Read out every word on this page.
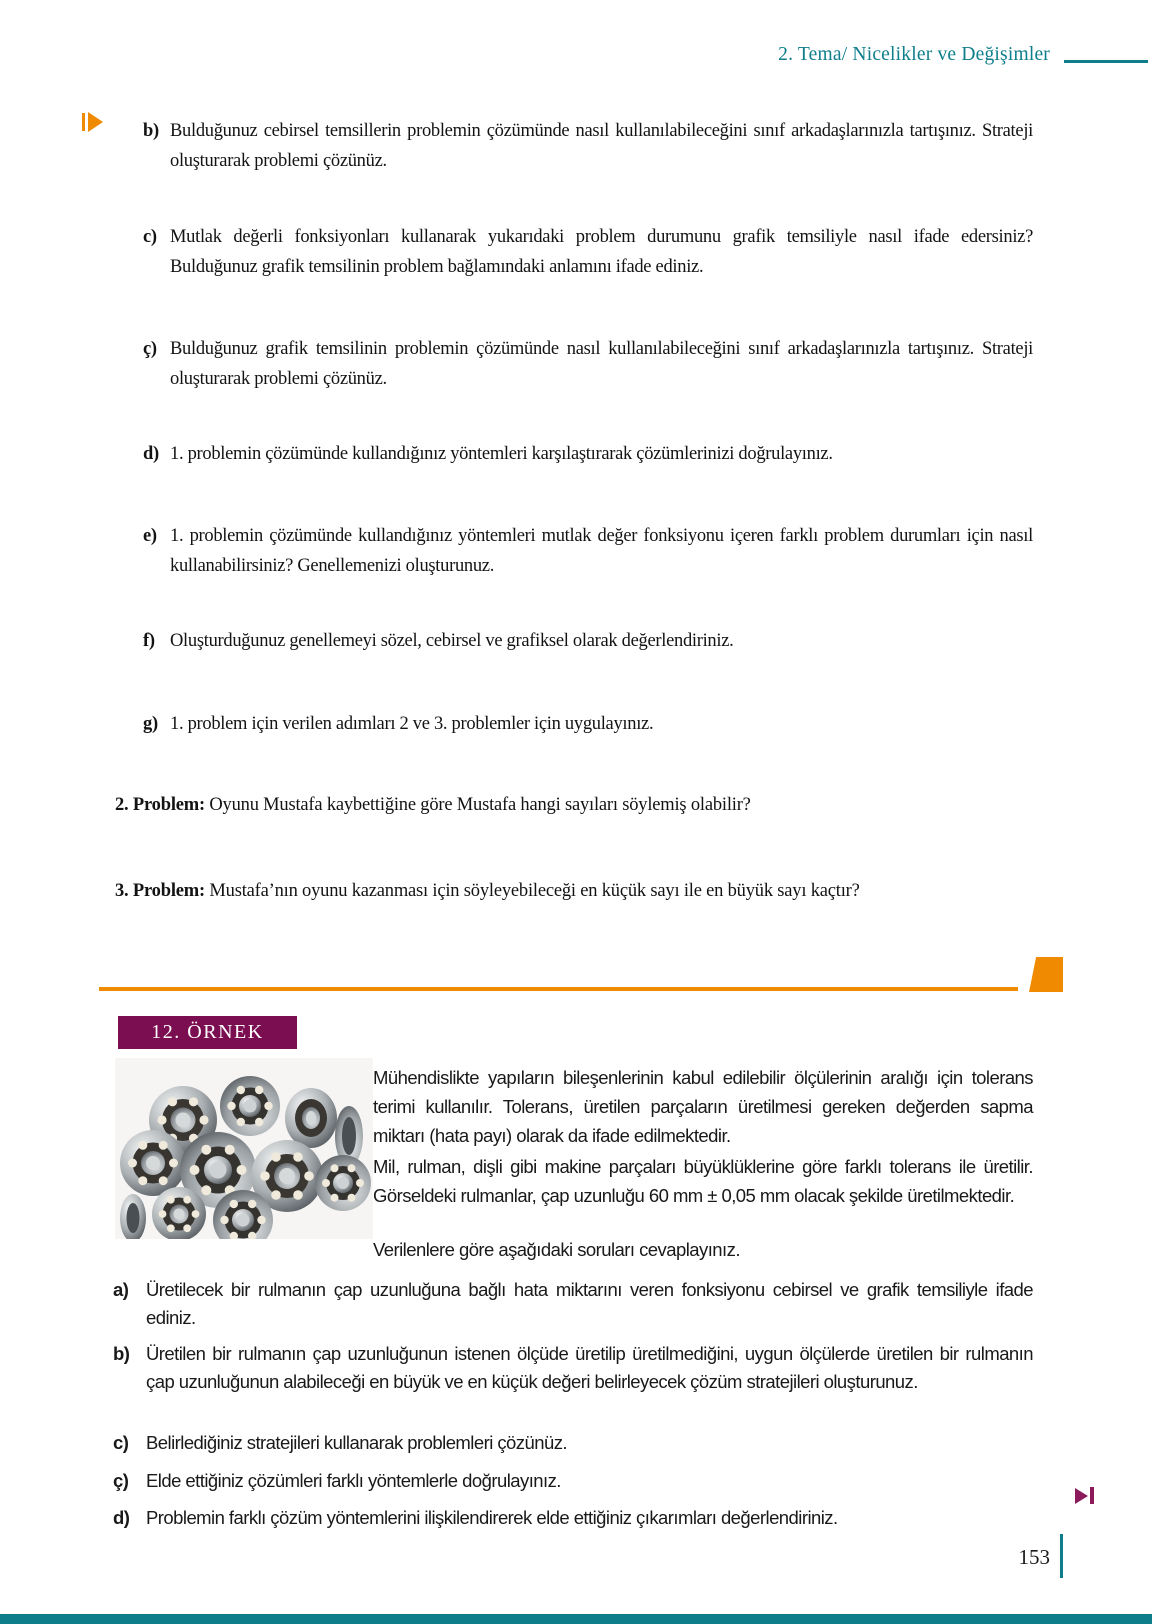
2. Tema/ Nicelikler ve Değişimler
b) Bulduğunuz cebirsel temsillerin problemin çözümünde nasıl kullanılabileceğini sınıf arkadaşlarınızla tartışınız. Strateji oluşturarak problemi çözünüz.
c) Mutlak değerli fonksiyonları kullanarak yukarıdaki problem durumunu grafik temsiliyle nasıl ifade edersiniz? Bulduğunuz grafik temsilinin problem bağlamındaki anlamını ifade ediniz.
ç) Bulduğunuz grafik temsilinin problemin çözümünde nasıl kullanılabileceğini sınıf arkadaşlarınızla tartışınız. Strateji oluşturarak problemi çözünüz.
d) 1. problemin çözümünde kullandığınız yöntemleri karşılaştırarak çözümlerinizi doğrulayınız.
e) 1. problemin çözümünde kullandığınız yöntemleri mutlak değer fonksiyonu içeren farklı problem durumları için nasıl kullanabilirsiniz? Genellemenizi oluşturunuz.
f) Oluşturduğunuz genellemeyi sözel, cebirsel ve grafiksel olarak değerlendiriniz.
g) 1. problem için verilen adımları 2 ve 3. problemler için uygulayınız.
2. Problem: Oyunu Mustafa kaybettiğine göre Mustafa hangi sayıları söylemiş olabilir?
3. Problem: Mustafa’nın oyunu kazanması için söyleyebileceği en küçük sayı ile en büyük sayı kaçtır?
12. ÖRNEK

Mühendislikte yapıların bileşenlerinin kabul edilebilir ölçülerinin aralığı için tolerans terimi kullanılır. Tolerans, üretilen parçaların üretilmesi gereken değerden sapma miktarı (hata payı) olarak da ifade edilmektedir.

Mil, rulman, dişli gibi makine parçaları büyüklüklerine göre farklı tolerans ile üretilir. Görseldeki rulmanlar, çap uzunluğu 60 mm ± 0,05 mm olacak şekilde üretilmektedir.

Verilenlere göre aşağıdaki soruları cevaplayınız.

a) Üretilecek bir rulmanın çap uzunluğuna bağlı hata miktarını veren fonksiyonu cebirsel ve grafik temsiliyle ifade ediniz.
b) Üretilen bir rulmanın çap uzunluğunun istenen ölçüde üretilip üretilmediğini, uygun ölçülerde üretilen bir rulmanın çap uzunluğunun alabileceği en büyük ve en küçük değeri belirleyecek çözüm stratejileri oluşturunuz.
c) Belirlediğiniz stratejileri kullanarak problemleri çözünüz.
ç) Elde ettiğiniz çözümleri farklı yöntemlerle doğrulayınız.
d) Problemin farklı çözüm yöntemlerini ilişkilendirerek elde ettiğiniz çıkarımları değerlendiriniz.
153
